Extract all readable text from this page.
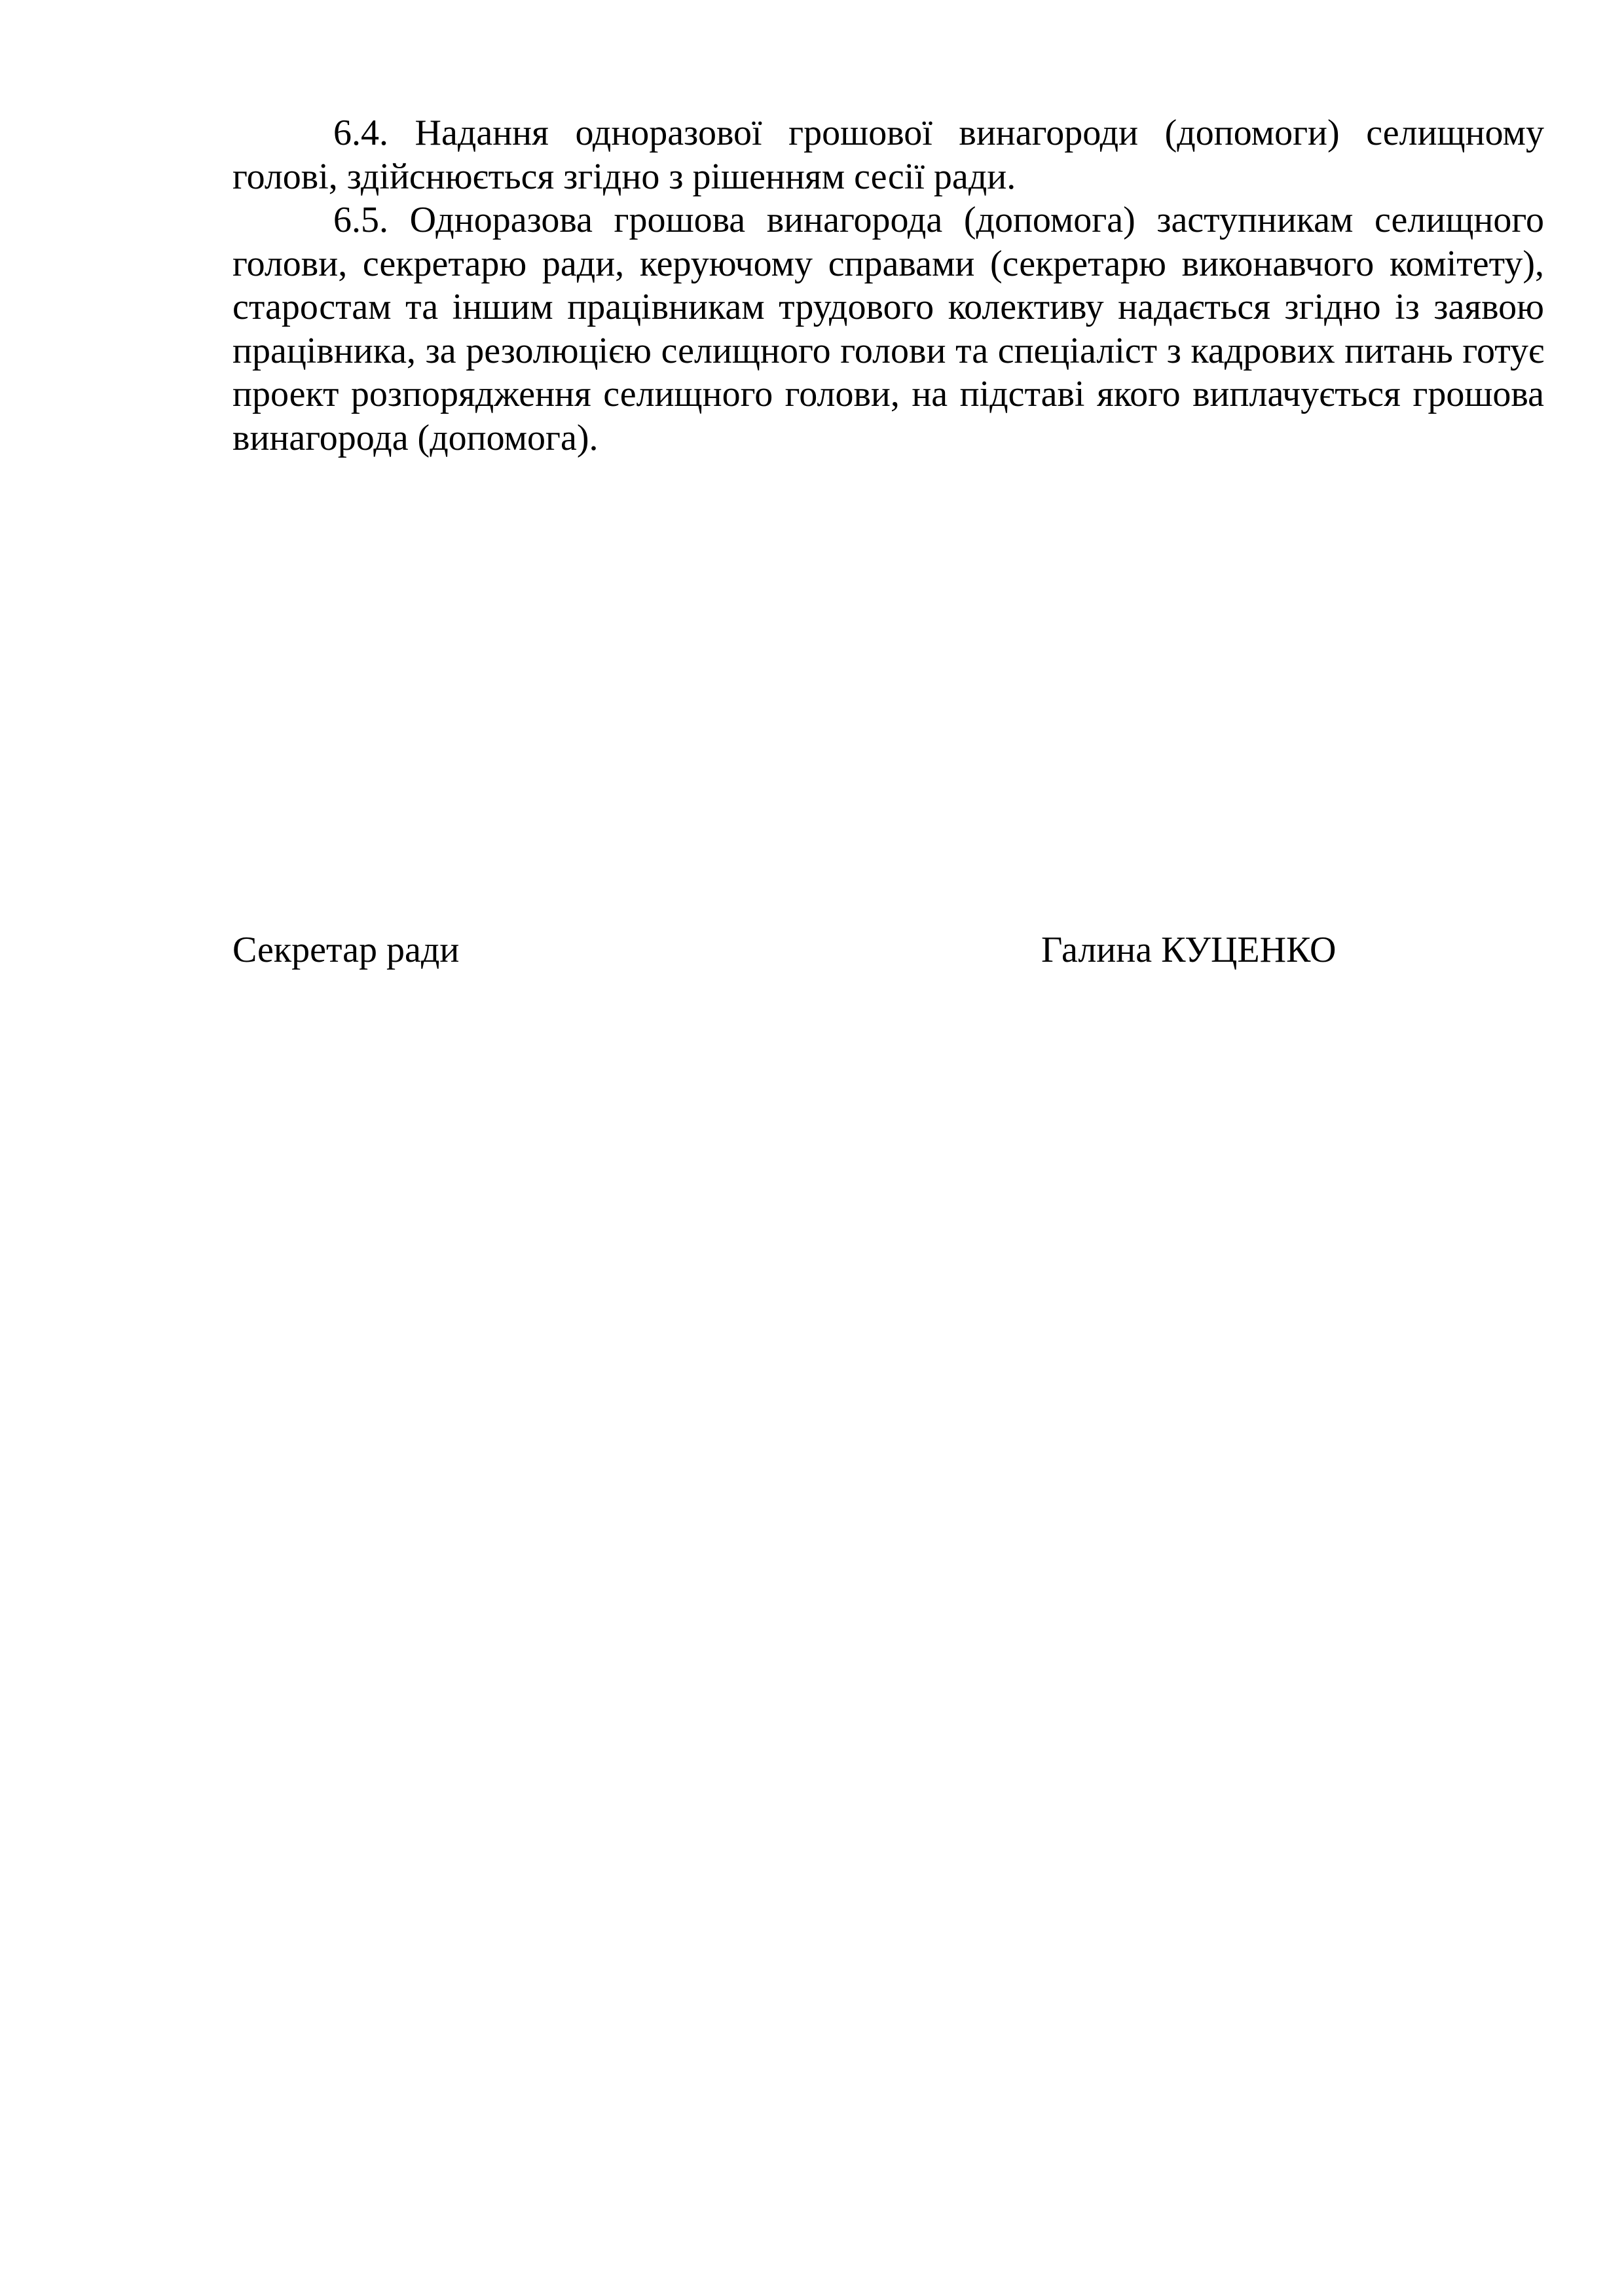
6.4. Надання одноразової грошової винагороди (допомоги) селищному голові, здійснюється згідно з рішенням сесії ради.

6.5. Одноразова грошова винагорода (допомога) заступникам селищного голови, секретарю ради, керуючому справами (секретарю виконавчого комітету), старостам та іншим працівникам трудового колективу надається згідно із заявою працівника, за резолюцією селищного голови та спеціаліст з кадрових питань готує проект розпорядження селищного голови, на підставі якого виплачується грошова винагорода (допомога).

Секретар ради	Галина КУЦЕНКО
